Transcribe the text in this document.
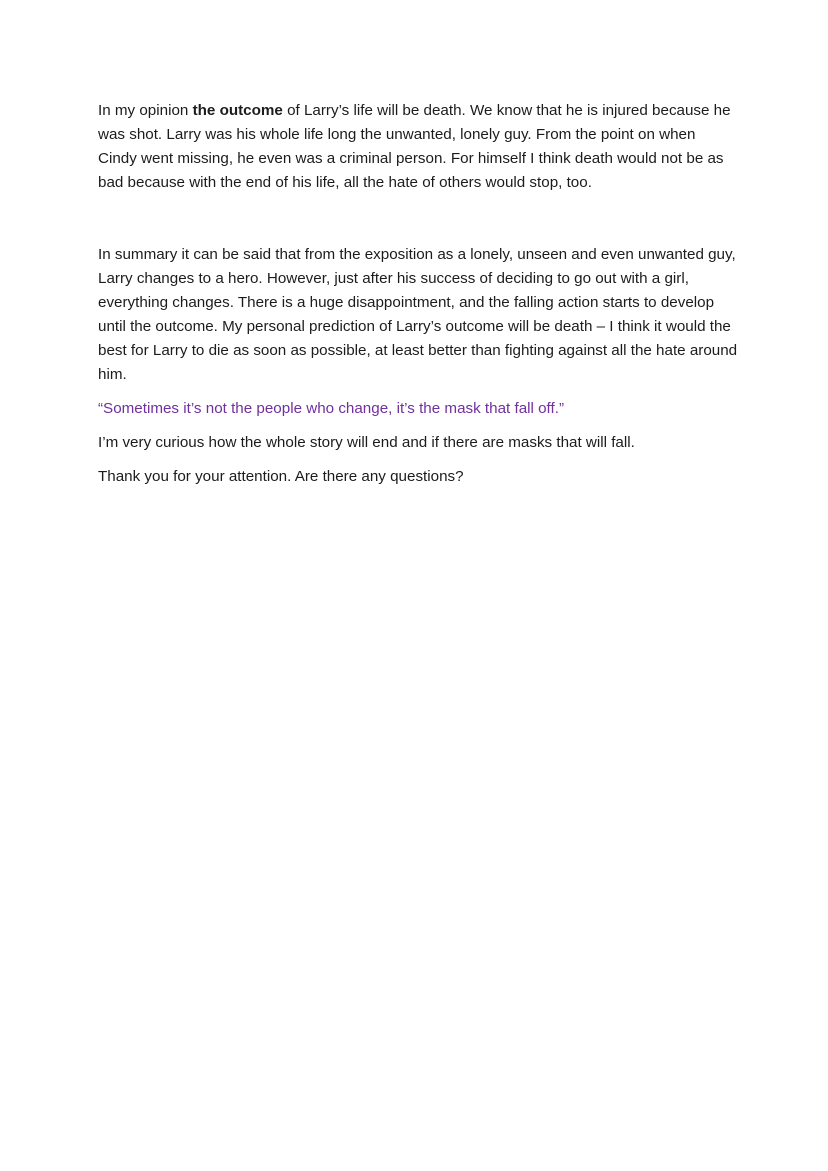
In my opinion the outcome of Larry’s life will be death. We know that he is injured because he was shot. Larry was his whole life long the unwanted, lonely guy. From the point on when Cindy went missing, he even was a criminal person. For himself I think death would not be as bad because with the end of his life, all the hate of others would stop, too.

In summary it can be said that from the exposition as a lonely, unseen and even unwanted guy, Larry changes to a hero. However, just after his success of deciding to go out with a girl, everything changes. There is a huge disappointment, and the falling action starts to develop until the outcome. My personal prediction of Larry’s outcome will be death – I think it would the best for Larry to die as soon as possible, at least better than fighting against all the hate around him.

“Sometimes it’s not the people who change, it’s the mask that fall off.”

I’m very curious how the whole story will end and if there are masks that will fall.

Thank you for your attention. Are there any questions?
